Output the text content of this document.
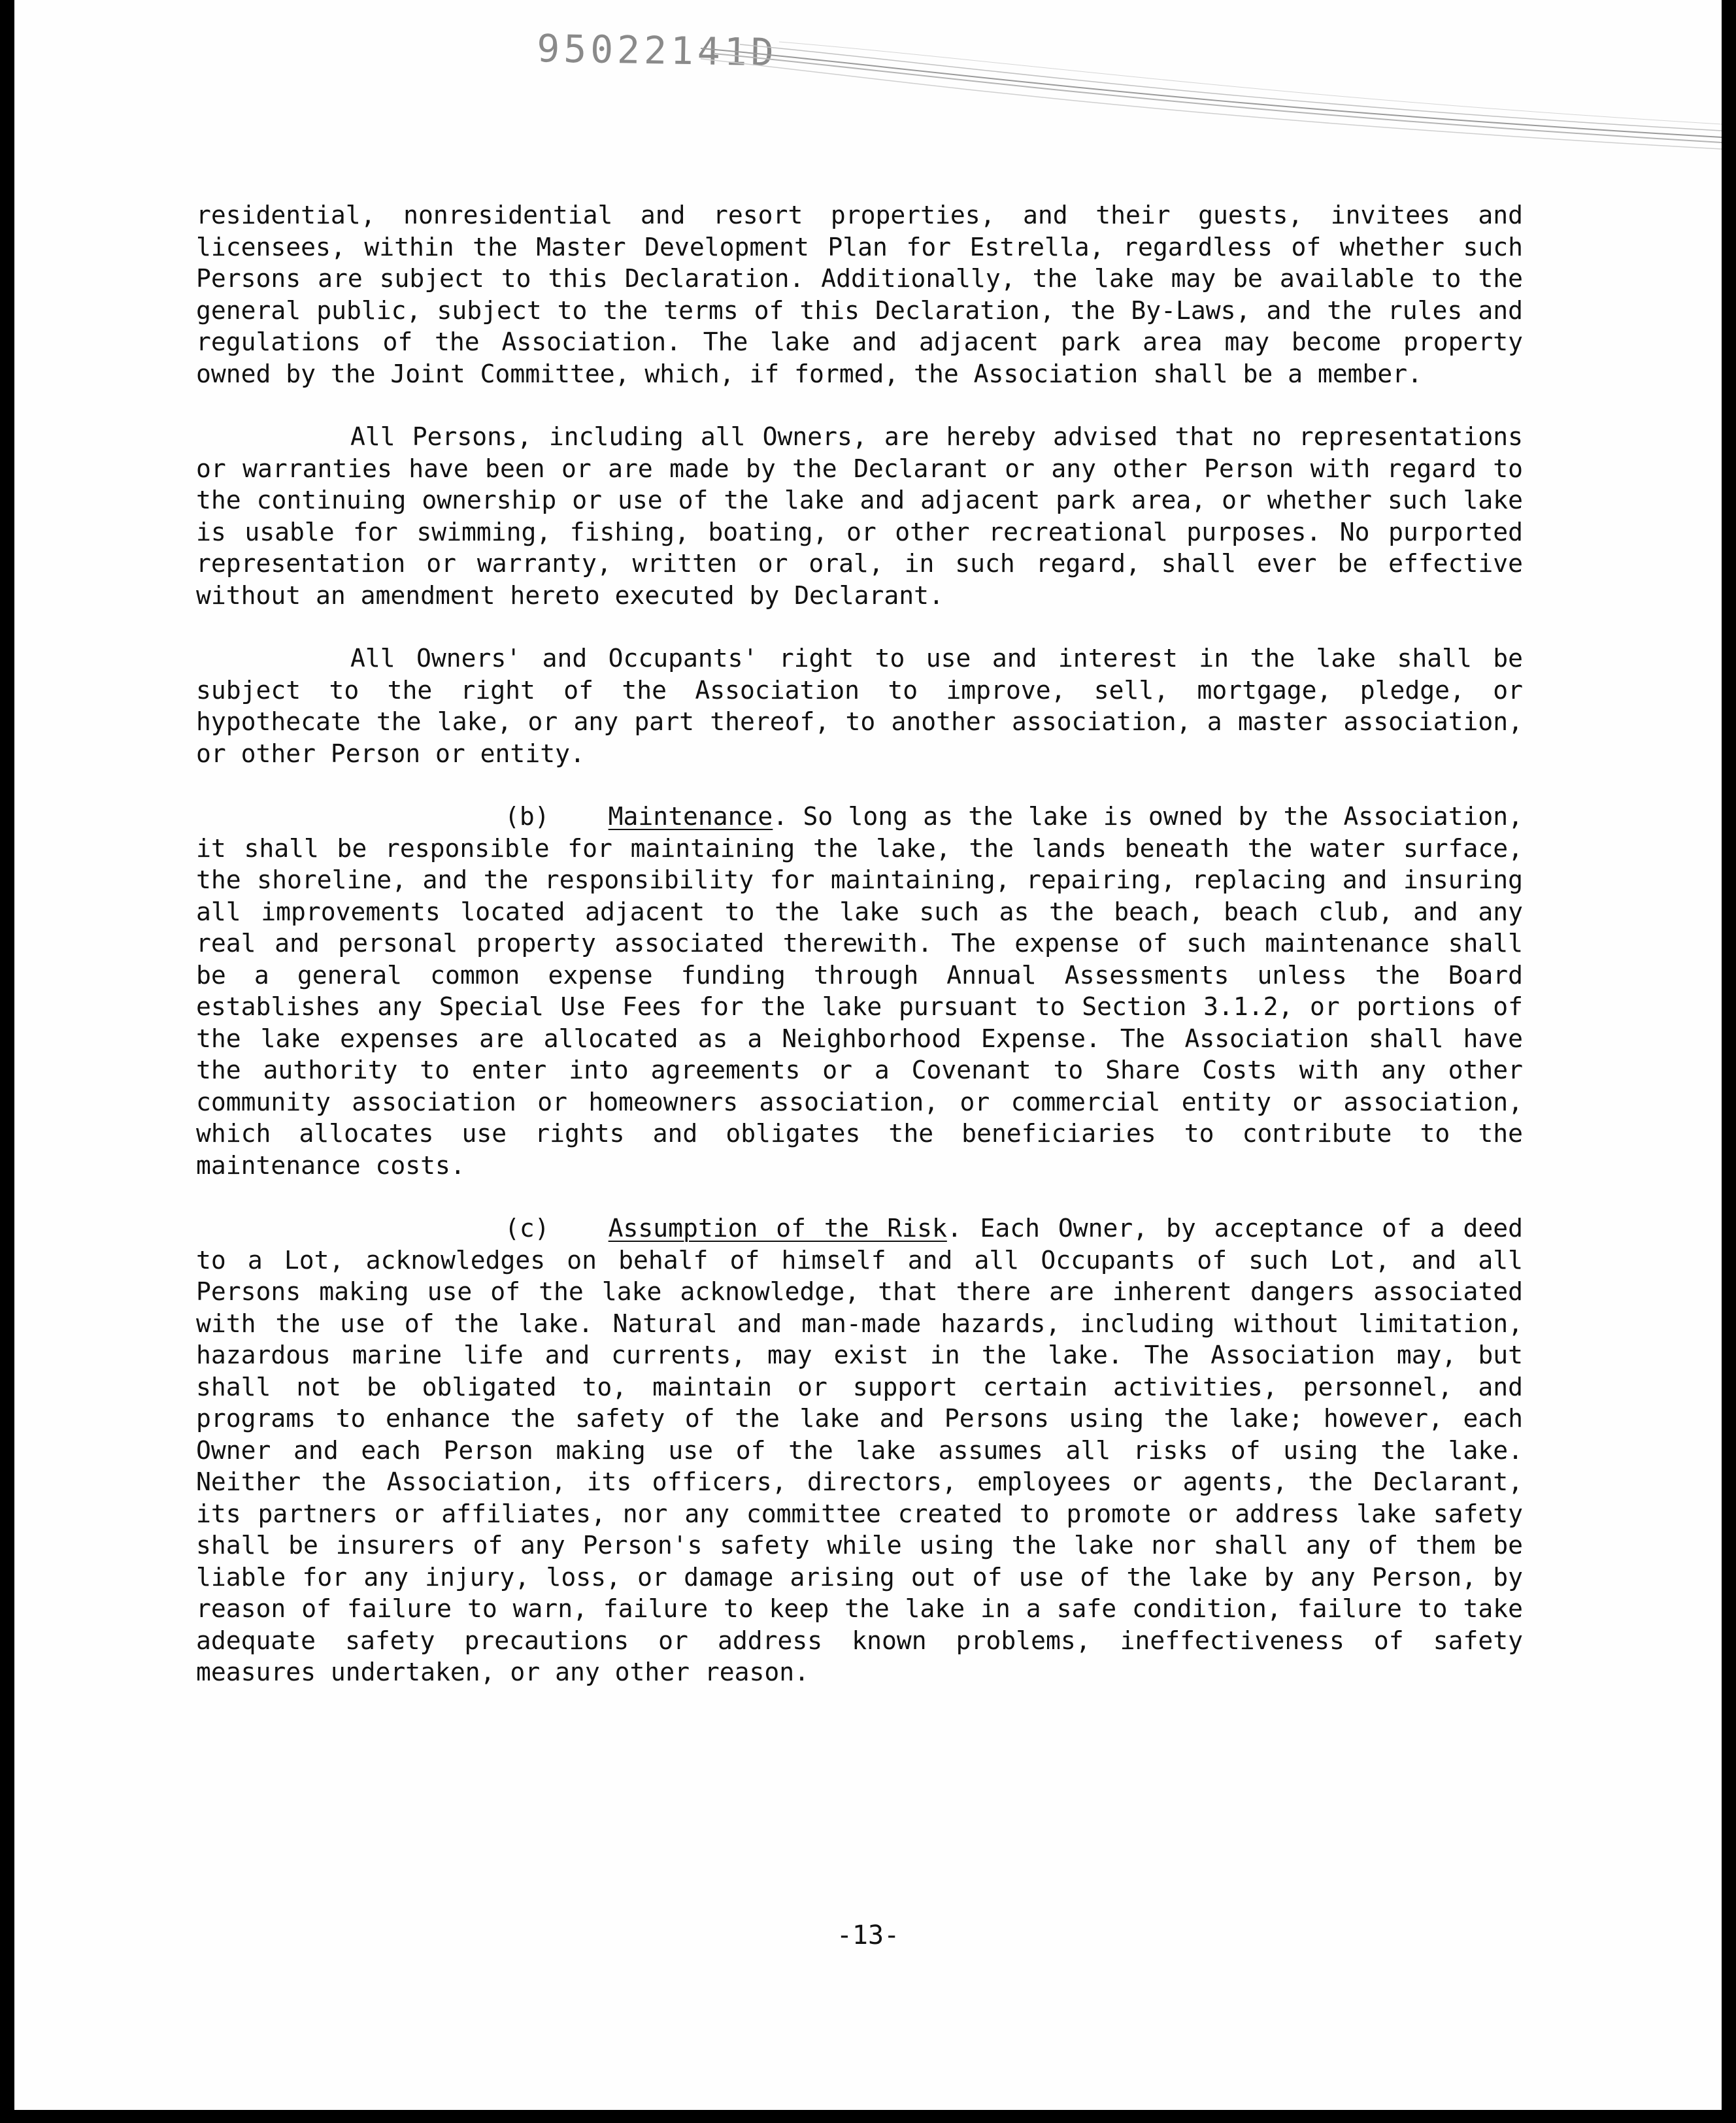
95022141D

residential, nonresidential and resort properties, and their guests, invitees and licensees, within the Master Development Plan for Estrella, regardless of whether such Persons are subject to this Declaration. Additionally, the lake may be available to the general public, subject to the terms of this Declaration, the By-Laws, and the rules and regulations of the Association. The lake and adjacent park area may become property owned by the Joint Committee, which, if formed, the Association shall be a member.

All Persons, including all Owners, are hereby advised that no representations or warranties have been or are made by the Declarant or any other Person with regard to the continuing ownership or use of the lake and adjacent park area, or whether such lake is usable for swimming, fishing, boating, or other recreational purposes. No purported representation or warranty, written or oral, in such regard, shall ever be effective without an amendment hereto executed by Declarant.

All Owners' and Occupants' right to use and interest in the lake shall be subject to the right of the Association to improve, sell, mortgage, pledge, or hypothecate the lake, or any part thereof, to another association, a master association, or other Person or entity.

(b) Maintenance. So long as the lake is owned by the Association, it shall be responsible for maintaining the lake, the lands beneath the water surface, the shoreline, and the responsibility for maintaining, repairing, replacing and insuring all improvements located adjacent to the lake such as the beach, beach club, and any real and personal property associated therewith. The expense of such maintenance shall be a general common expense funding through Annual Assessments unless the Board establishes any Special Use Fees for the lake pursuant to Section 3.1.2, or portions of the lake expenses are allocated as a Neighborhood Expense. The Association shall have the authority to enter into agreements or a Covenant to Share Costs with any other community association or homeowners association, or commercial entity or association, which allocates use rights and obligates the beneficiaries to contribute to the maintenance costs.

(c) Assumption of the Risk. Each Owner, by acceptance of a deed to a Lot, acknowledges on behalf of himself and all Occupants of such Lot, and all Persons making use of the lake acknowledge, that there are inherent dangers associated with the use of the lake. Natural and man-made hazards, including without limitation, hazardous marine life and currents, may exist in the lake. The Association may, but shall not be obligated to, maintain or support certain activities, personnel, and programs to enhance the safety of the lake and Persons using the lake; however, each Owner and each Person making use of the lake assumes all risks of using the lake. Neither the Association, its officers, directors, employees or agents, the Declarant, its partners or affiliates, nor any committee created to promote or address lake safety shall be insurers of any Person's safety while using the lake nor shall any of them be liable for any injury, loss, or damage arising out of use of the lake by any Person, by reason of failure to warn, failure to keep the lake in a safe condition, failure to take adequate safety precautions or address known problems, ineffectiveness of safety measures undertaken, or any other reason.

-13-
